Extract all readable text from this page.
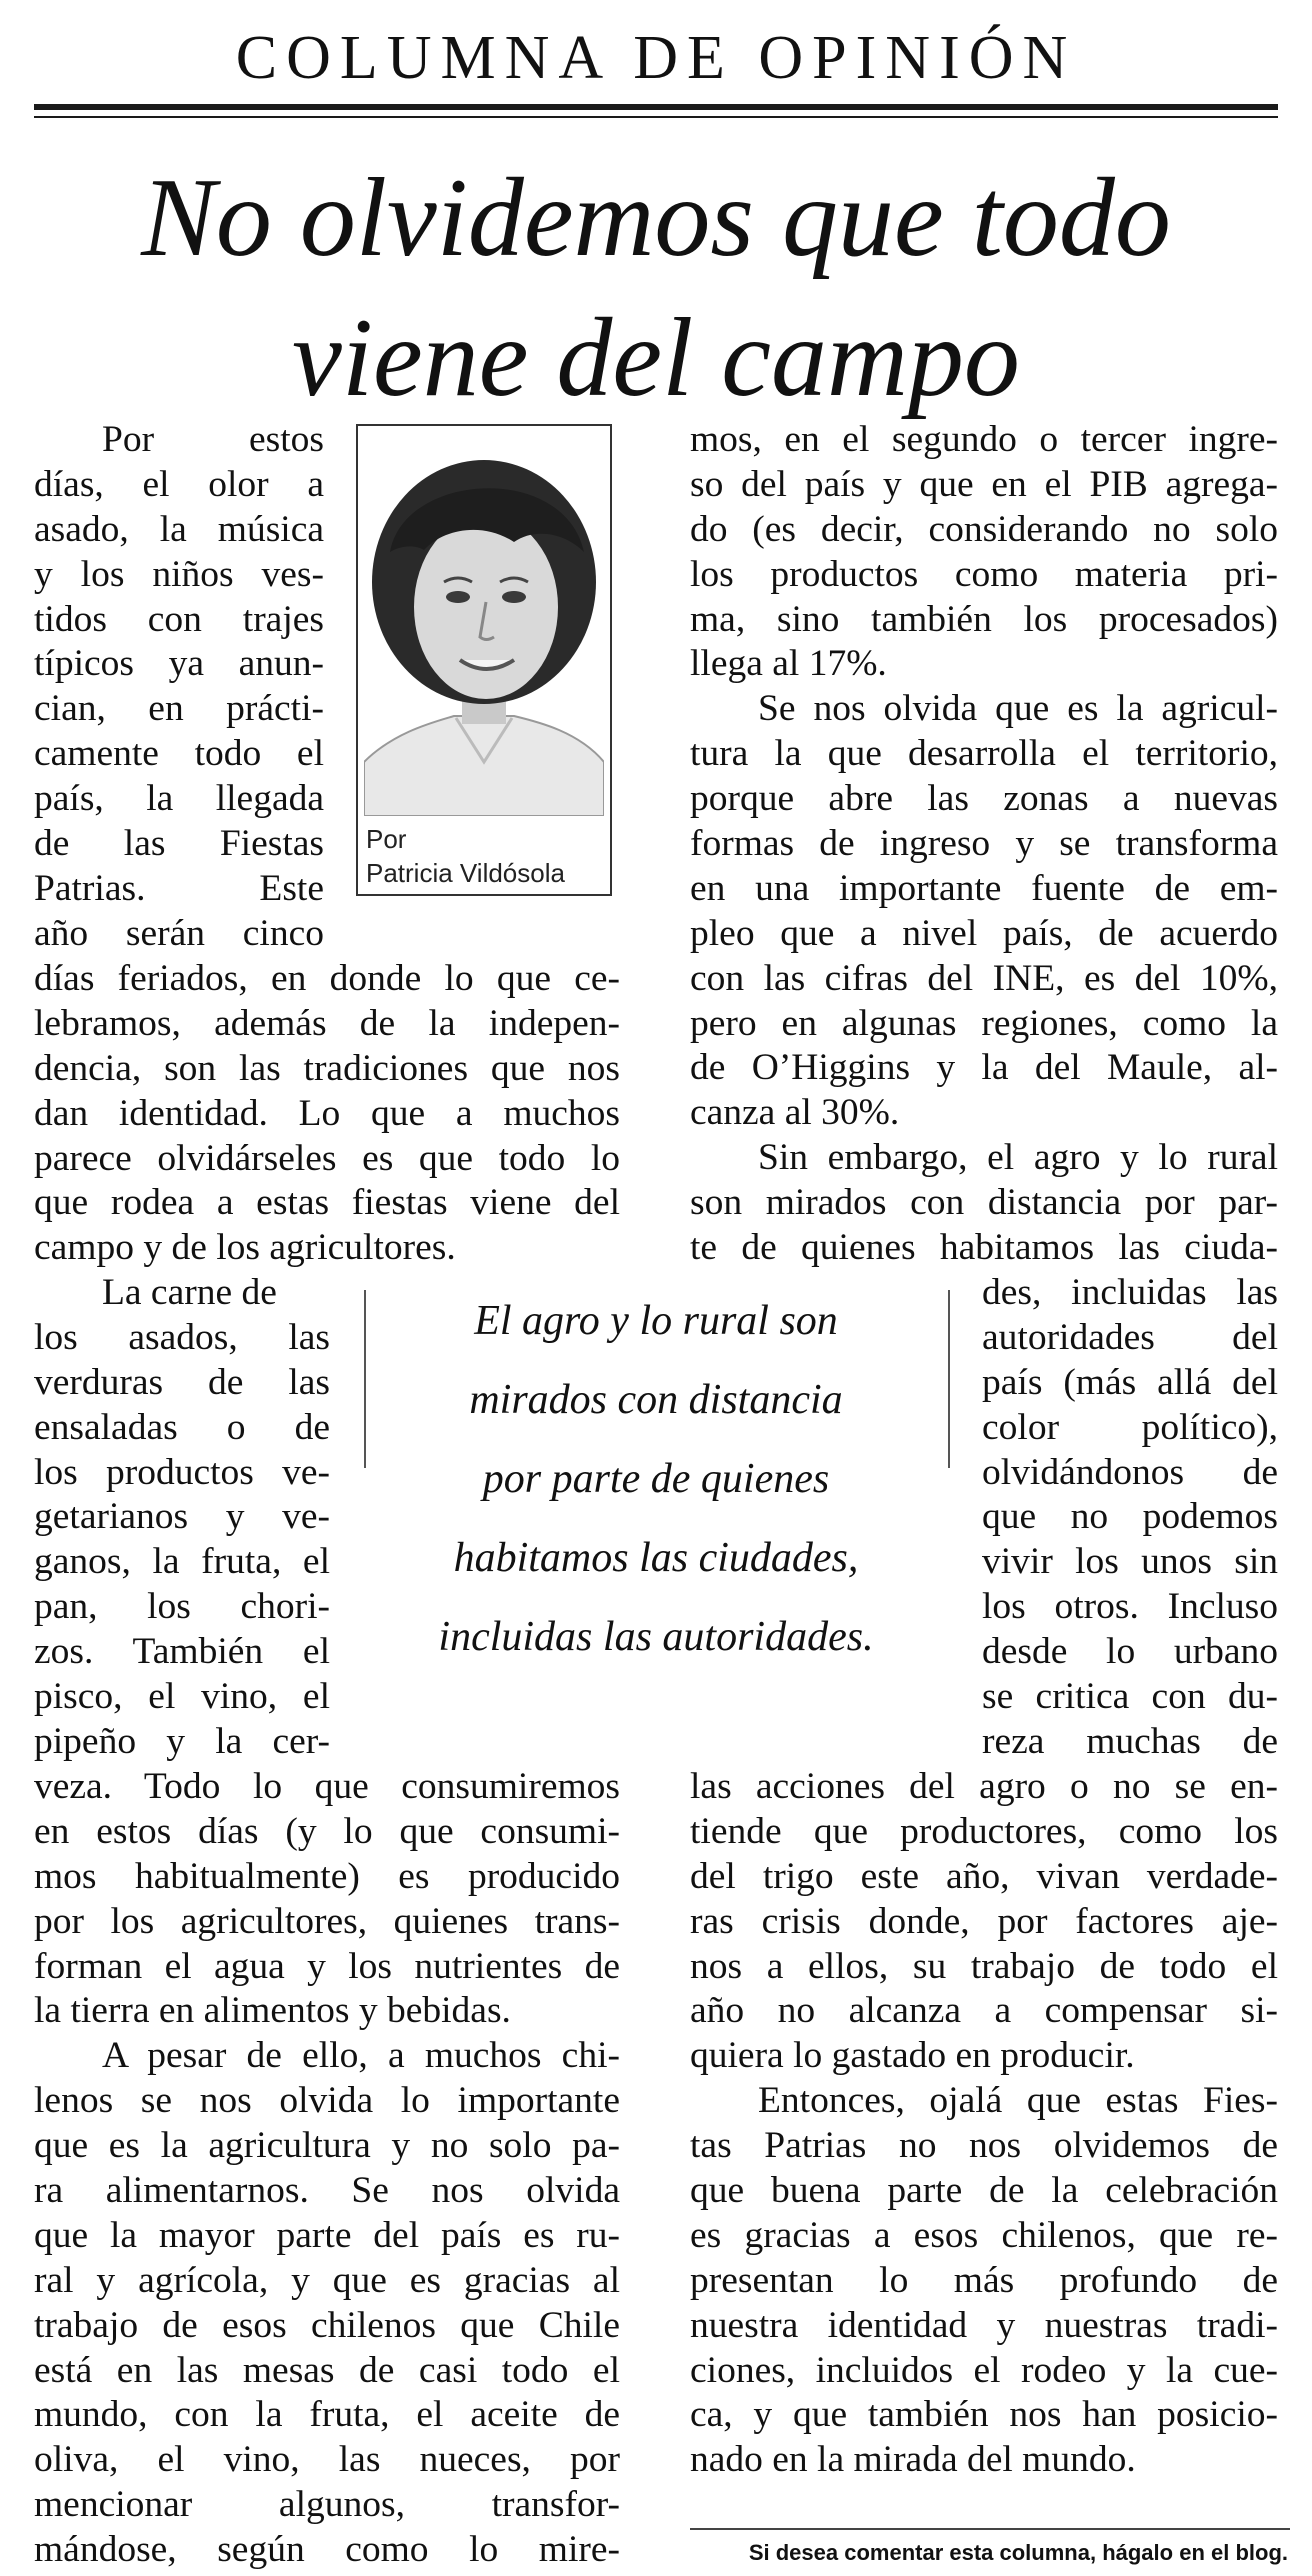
COLUMNA DE OPINIÓN
No olvidemos que todo
viene del campo
Por
Patricia Vildósola
Por estos
días, el olor a
asado, la música
y los niños ves-
tidos con trajes
típicos ya anun-
cian, en prácti-
camente todo el
país, la llegada
de las Fiestas
Patrias. Este
año serán cinco
días feriados, en donde lo que ce-
lebramos, además de la indepen-
dencia, son las tradiciones que nos
dan identidad. Lo que a muchos
parece olvidárseles es que todo lo
que rodea a estas fiestas viene del
campo y de los agricultores.
La carne de
los asados, las
verduras de las
ensaladas o de
los productos ve-
getarianos y ve-
ganos, la fruta, el
pan, los chori-
zos. También el
pisco, el vino, el
pipeño y la cer-
veza. Todo lo que consumiremos
en estos días (y lo que consumi-
mos habitualmente) es producido
por los agricultores, quienes trans-
forman el agua y los nutrientes de
la tierra en alimentos y bebidas.
A pesar de ello, a muchos chi-
lenos se nos olvida lo importante
que es la agricultura y no solo pa-
ra alimentarnos. Se nos olvida
que la mayor parte del país es ru-
ral y agrícola, y que es gracias al
trabajo de esos chilenos que Chile
está en las mesas de casi todo el
mundo, con la fruta, el aceite de
oliva, el vino, las nueces, por
mencionar algunos, transfor-
mándose, según como lo mire-
mos, en el segundo o tercer ingre-
so del país y que en el PIB agrega-
do (es decir, considerando no solo
los productos como materia pri-
ma, sino también los procesados)
llega al 17%.
Se nos olvida que es la agricul-
tura la que desarrolla el territorio,
porque abre las zonas a nuevas
formas de ingreso y se transforma
en una importante fuente de em-
pleo que a nivel país, de acuerdo
con las cifras del INE, es del 10%,
pero en algunas regiones, como la
de O’Higgins y la del Maule, al-
canza al 30%.
Sin embargo, el agro y lo rural
son mirados con distancia por par-
te de quienes habitamos las ciuda-
des, incluidas las
autoridades del
país (más allá del
color político),
olvidándonos de
que no podemos
vivir los unos sin
los otros. Incluso
desde lo urbano
se critica con du-
reza muchas de
las acciones del agro o no se en-
tiende que productores, como los
del trigo este año, vivan verdade-
ras crisis donde, por factores aje-
nos a ellos, su trabajo de todo el
año no alcanza a compensar si-
quiera lo gastado en producir.
Entonces, ojalá que estas Fies-
tas Patrias no nos olvidemos de
que buena parte de la celebración
es gracias a esos chilenos, que re-
presentan lo más profundo de
nuestra identidad y nuestras tradi-
ciones, incluidos el rodeo y la cue-
ca, y que también nos han posicio-
nado en la mirada del mundo.
El agro y lo rural son
mirados con distancia
por parte de quienes
habitamos las ciudades,
incluidas las autoridades.
Si desea comentar esta columna, hágalo en el blog.
